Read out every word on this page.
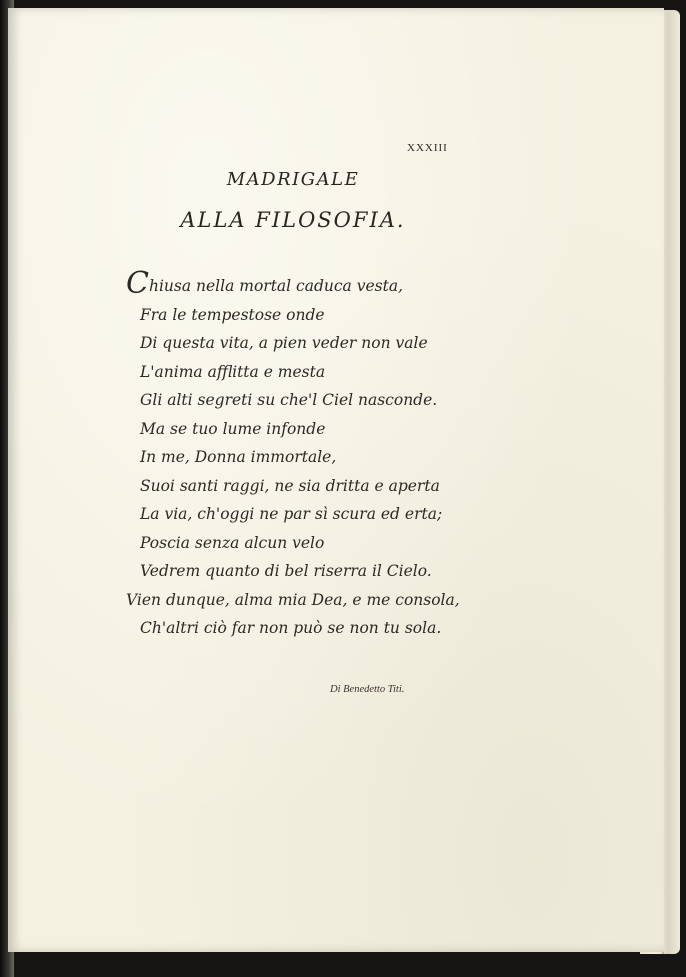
XXXIII
MADRIGALE
ALLA FILOSOFIA.
Chiusa nella mortal caduca vesta,
Fra le tempestose onde
Di questa vita, a pien veder non vale
L'anima afflitta e mesta
Gli alti segreti su che'l Ciel nasconde.
Ma se tuo lume infonde
In me, Donna immortale,
Suoi santi raggi, ne sia dritta e aperta
La via, ch'oggi ne par sì scura ed erta;
Poscia senza alcun velo
Vedrem quanto di bel riserra il Cielo.
Vien dunque, alma mia Dea, e me consola,
Ch'altri ciò far non può se non tu sola.
Di Benedetto Titi.
